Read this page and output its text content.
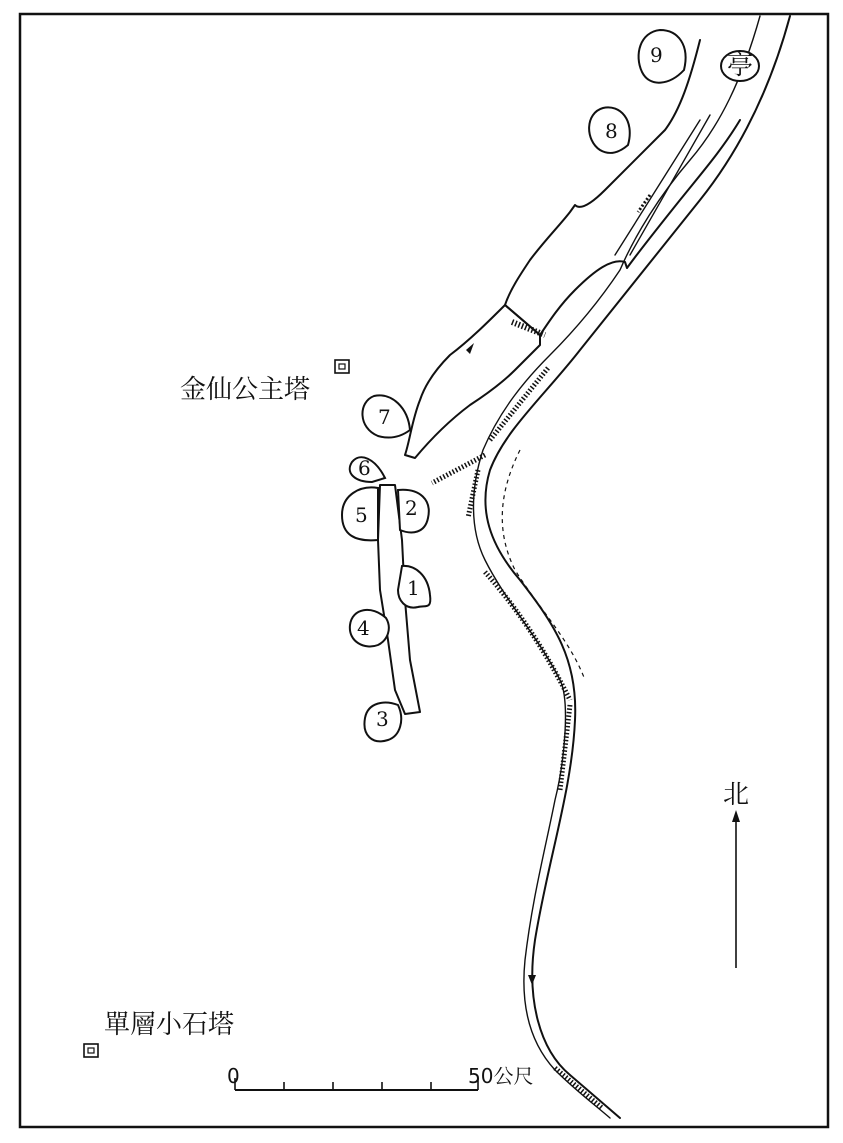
1
2
3
4
5
6
7
8
9 亭
金仙公主塔
單層小石塔
北
0	50公尺
